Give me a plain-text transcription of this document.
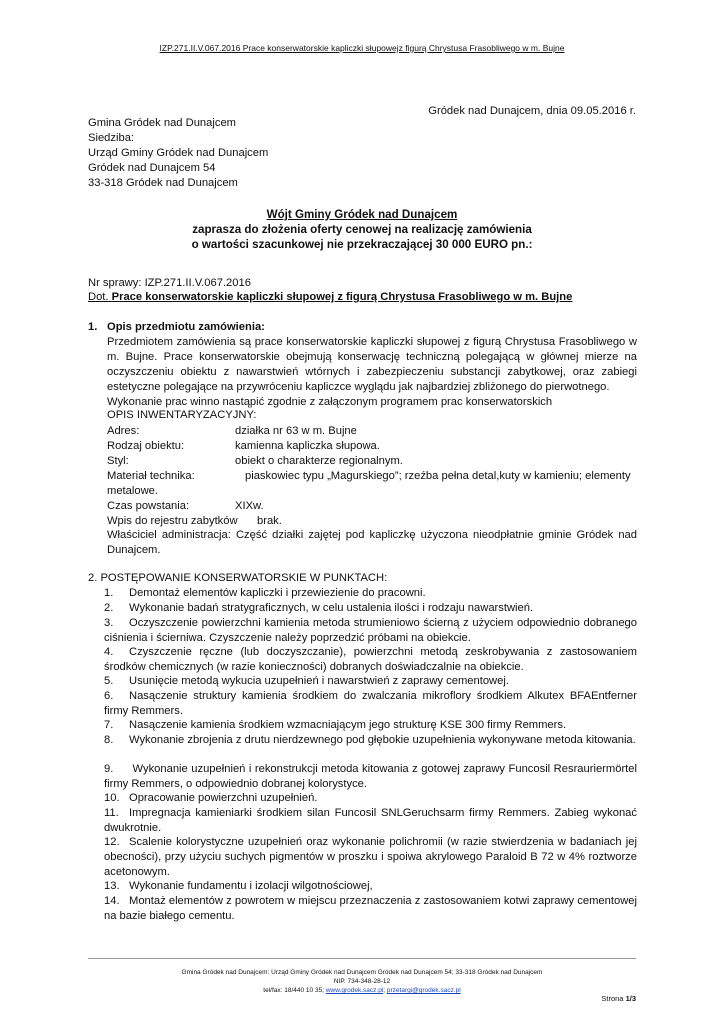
IZP.271.II.V.067.2016 Prace konserwatorskie kapliczki słupowejz figurą Chrystusa Frasobliwego w m. Bujne
Gródek nad Dunajcem, dnia 09.05.2016 r.
Gmina Gródek nad Dunajcem
Siedziba:
Urząd Gminy Gródek nad Dunajcem
Gródek nad Dunajcem 54
33-318 Gródek nad Dunajcem
Wójt Gminy Gródek nad Dunajcem
zaprasza do złożenia oferty cenowej na realizację zamówienia
o wartości szacunkowej nie przekraczającej 30 000 EURO pn.:
Nr sprawy: IZP.271.II.V.067.2016
Dot. Prace konserwatorskie kapliczki słupowej z figurą Chrystusa Frasobliwego w m. Bujne
1. Opis przedmiotu zamówienia:
Przedmiotem zamówienia są prace konserwatorskie kapliczki słupowej z figurą Chrystusa Frasobliwego w m. Bujne. Prace konserwatorskie obejmują konserwację techniczną polegającą w głównej mierze na oczyszczeniu obiektu z nawarstwień wtórnych i zabezpieczeniu substancji zabytkowej, oraz zabiegi estetyczne polegające na przywróceniu kapliczce wyglądu jak najbardziej zbliżonego do pierwotnego.
Wykonanie prac winno nastąpić zgodnie z załączonym programem prac konserwatorskich
OPIS INWENTARYZACYJNY:
Adres:	działka nr 63 w m. Bujne
Rodzaj obiektu:	kamienna kapliczka słupowa.
Styl:	obiekt o charakterze regionalnym.
Materiał technika:	piaskowiec typu „Magurskiego”; rzeźba pełna detal,kuty w kamieniu; elementy
metalowe.
Czas powstania:	XIXw.
Wpis do rejestru zabytków brak.
Właściciel administracja: Część działki zajętej pod kapliczkę użyczona nieodpłatnie gminie Gródek nad Dunajcem.
2. POSTĘPOWANIE KONSERWATORSKIE W PUNKTACH:
1. Demontaż elementów kapliczki i przewiezienie do pracowni.
2. Wykonanie badań stratygraficznych, w celu ustalenia ilości i rodzaju nawarstwień.
3. Oczyszczenie powierzchni kamienia metoda strumieniowo ścierną z użyciem odpowiednio dobranego ciśnienia i ścierniwa. Czyszczenie należy poprzedzić próbami na obiekcie.
4. Czyszczenie ręczne (lub doczyszczanie), powierzchni metodą zeskrobywania z zastosowaniem środków chemicznych (w razie konieczności) dobranych doświadczalnie na obiekcie.
5. Usunięcie metodą wykucia uzupełnień i nawarstwień z zaprawy cementowej.
6. Nasączenie struktury kamienia środkiem do zwalczania mikroflory środkiem Alkutex BFAEntferner firmy Remmers.
7. Nasączenie kamienia środkiem wzmacniającym jego strukturę KSE 300 firmy Remmers.
8. Wykonanie zbrojenia z drutu nierdzewnego pod głębokie uzupełnienia wykonywane metoda kitowania.
9. Wykonanie uzupełnień i rekonstrukcji metoda kitowania z gotowej zaprawy Funcosil Resrauriermörtel firmy Remmers, o odpowiednio dobranej kolorystyce.
10. Opracowanie powierzchni uzupełnień.
11. Impregnacja kamieniarki środkiem silan Funcosil SNLGeruchsarm firmy Remmers. Zabieg wykonać dwukrotnie.
12. Scalenie kolorystyczne uzupełnień oraz wykonanie polichromii (w razie stwierdzenia w badaniach jej obecności), przy użyciu suchych pigmentów w proszku i spoiwa akrylowego Paraloid B 72 w 4% roztworze acetonowym.
13. Wykonanie fundamentu i izolacji wilgotnościowej,
14. Montaż elementów z powrotem w miejscu przeznaczenia z zastosowaniem kotwi zaprawy cementowej na bazie białego cementu.
Gmina Gródek nad Dunajcem: Urząd Gminy Gródek nad Dunajcem Gródek nad Dunajcem 54; 33-318 Gródek nad Dunajcem
NIP. 734-348-28-12
tel/fax: 18/440 10 35; www.grodek.sacz.pl; przetargi@grodek.sacz.pl
Strona 1/3
